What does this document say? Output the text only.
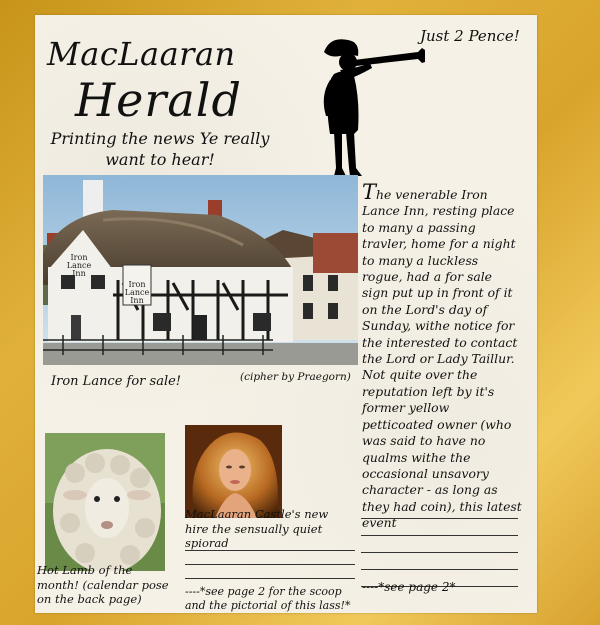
MacLaaran
Herald
Printing the news Ye really want to hear!
Just 2 Pence!
Iron
Lance
Inn
Iron
Lance
Inn
Iron Lance for sale!	(cipher by Praegorn)
The venerable Iron Lance Inn, resting place to many a passing travler, home for a night to many a luckless rogue, had a for sale sign put up in front of it on the Lord's day of Sunday, withe notice for the interested to contact the Lord or Lady Taillur. Not quite over the reputation left by it's former yellow petticoated owner (who was said to have no qualms withe the occasional unsavory character - as long as they had coin), this latest event
----*see page 2*
Hot Lamb of the month! (calendar pose on the back page)
MacLaaran Castle's new hire the sensually quiet spiorad
----*see page 2 for the scoop and the pictorial of this lass!*
